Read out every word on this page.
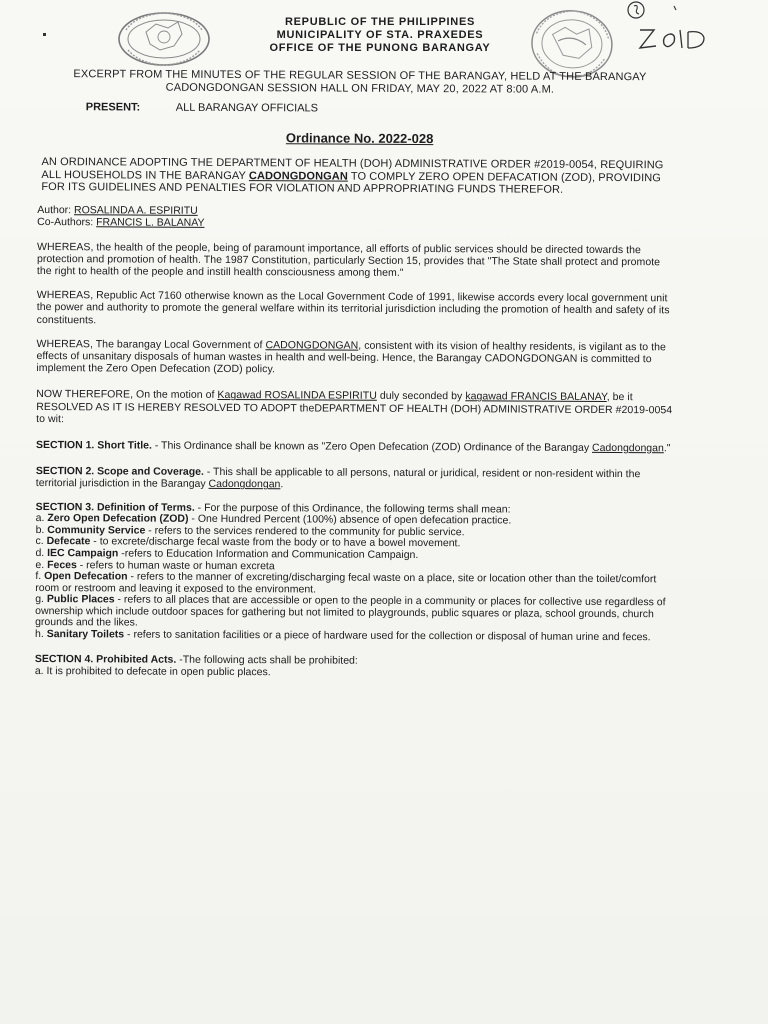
REPUBLIC OF THE PHILIPPINES
MUNICIPALITY OF STA. PRAXEDES
OFFICE OF THE PUNONG BARANGAY
EXCERPT FROM THE MINUTES OF THE REGULAR SESSION OF THE BARANGAY, HELD AT THE BARANGAY CADONGDONGAN SESSION HALL ON FRIDAY, MAY 20, 2022 AT 8:00 A.M.
PRESENT:	ALL BARANGAY OFFICIALS
Ordinance No. 2022-028
AN ORDINANCE ADOPTING THE DEPARTMENT OF HEALTH (DOH) ADMINISTRATIVE ORDER #2019-0054, REQUIRING ALL HOUSEHOLDS IN THE BARANGAY CADONGDONGAN TO COMPLY ZERO OPEN DEFACATION (ZOD), PROVIDING FOR ITS GUIDELINES AND PENALTIES FOR VIOLATION AND APPROPRIATING FUNDS THEREFOR.
Author: ROSALINDA A. ESPIRITU
Co-Authors: FRANCIS L. BALANAY
WHEREAS, the health of the people, being of paramount importance, all efforts of public services should be directed towards the protection and promotion of health. The 1987 Constitution, particularly Section 15, provides that "The State shall protect and promote the right to health of the people and instill health consciousness among them."
WHEREAS, Republic Act 7160 otherwise known as the Local Government Code of 1991, likewise accords every local government unit the power and authority to promote the general welfare within its territorial jurisdiction including the promotion of health and safety of its constituents.
WHEREAS, The barangay Local Government of CADONGDONGAN, consistent with its vision of healthy residents, is vigilant as to the effects of unsanitary disposals of human wastes in health and well-being. Hence, the Barangay CADONGDONGAN is committed to implement the Zero Open Defecation (ZOD) policy.
NOW THEREFORE, On the motion of Kagawad ROSALINDA ESPIRITU duly seconded by kagawad FRANCIS BALANAY, be it RESOLVED AS IT IS HEREBY RESOLVED TO ADOPT theDEPARTMENT OF HEALTH (DOH) ADMINISTRATIVE ORDER #2019-0054 to wit:
SECTION 1. Short Title. - This Ordinance shall be known as "Zero Open Defecation (ZOD) Ordinance of the Barangay Cadongdongan."
SECTION 2. Scope and Coverage. - This shall be applicable to all persons, natural or juridical, resident or non-resident within the territorial jurisdiction in the Barangay Cadongdongan.
SECTION 3. Definition of Terms. - For the purpose of this Ordinance, the following terms shall mean:
a. Zero Open Defecation (ZOD) - One Hundred Percent (100%) absence of open defecation practice.
b. Community Service - refers to the services rendered to the community for public service.
c. Defecate - to excrete/discharge fecal waste from the body or to have a bowel movement.
d. IEC Campaign -refers to Education Information and Communication Campaign.
e. Feces - refers to human waste or human excreta
f. Open Defecation - refers to the manner of excreting/discharging fecal waste on a place, site or location other than the toilet/comfort room or restroom and leaving it exposed to the environment.
g. Public Places - refers to all places that are accessible or open to the people in a community or places for collective use regardless of ownership which include outdoor spaces for gathering but not limited to playgrounds, public squares or plaza, school grounds, church grounds and the likes.
h. Sanitary Toilets - refers to sanitation facilities or a piece of hardware used for the collection or disposal of human urine and feces.
SECTION 4. Prohibited Acts. -The following acts shall be prohibited:
a. It is prohibited to defecate in open public places.
